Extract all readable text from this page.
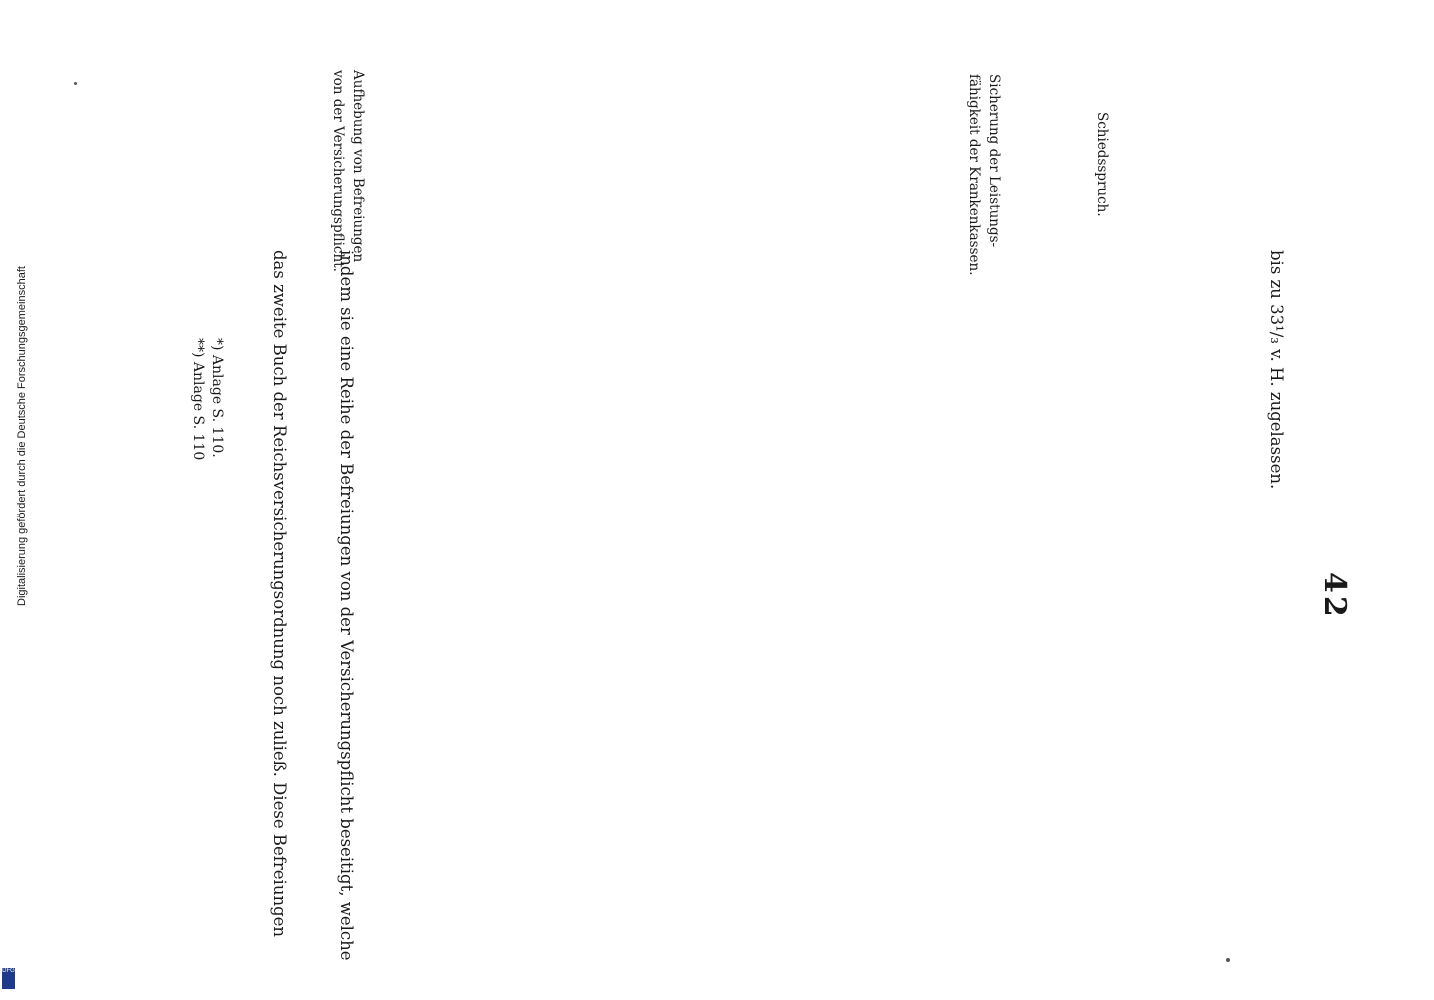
42
Schiedsspruch.
Sicherung der Leistungs-
fähigkeit der Krankenkassen.
Aufhebung von Befreiungen
von der Versicherungspflicht.
bis zu 33¹/₃ v. H. zugelassen.
indem sie eine Reihe der Befreiungen von der Versicherungspflicht beseitigt, welche
das zweite Buch der Reichsversicherungsordnung noch zuließ. Diese Befreiungen
*) Anlage S. 110.
**) Anlage S. 110
Digitalisierung gefördert durch die Deutsche Forschungsgemeinschaft
DFG
